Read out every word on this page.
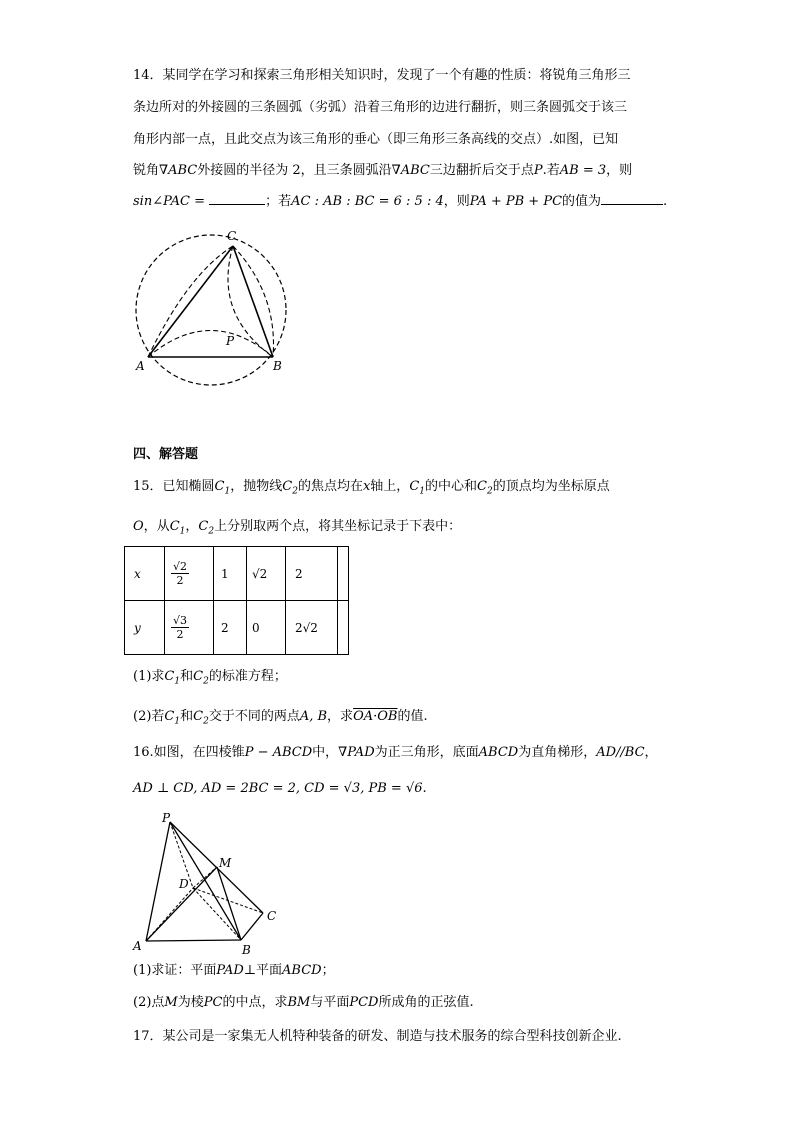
14．某同学在学习和探索三角形相关知识时，发现了一个有趣的性质：将锐角三角形三
条边所对的外接圆的三条圆弧（劣弧）沿着三角形的边进行翻折，则三条圆弧交于该三
角形内部一点，且此交点为该三角形的垂心（即三角形三条高线的交点）.如图，已知
锐角∇ABC外接圆的半径为 2，且三条圆弧沿∇ABC三边翻折后交于点P.若AB = 3，则
sin∠PAC =	；若AC : AB : BC = 6 : 5 : 4，则PA + PB + PC的值为	.
C
P
A	B
四、解答题
15．已知椭圆$C_1$，抛物线$C_2$的焦点均在x轴上，$C_1$的中心和$C_2$的顶点均为坐标原点
O，从$C_1$，$C_2$上分别取两个点，将其坐标记录于下表中：
x	$\frac{√2}{2}$	1	√2	2	
y	$\frac{√3}{2}$	2	0	2√2	
(1)求$C_1$和$C_2$的标准方程；
(2)若$C_1$和$C_2$交于不同的两点A, B，求OA·OB的值.
16.如图，在四棱锥P − ABCD中，∇PAD为正三角形，底面ABCD为直角梯形，AD//BC，
AD ⊥ CD, AD = 2BC = 2, CD = √3, PB = √6.
P
M
D
C
A	B
(1)求证：平面PAD⊥平面ABCD；
(2)点M为棱PC的中点，求BM与平面PCD所成角的正弦值.
17．某公司是一家集无人机特种装备的研发、制造与技术服务的综合型科技创新企业.
